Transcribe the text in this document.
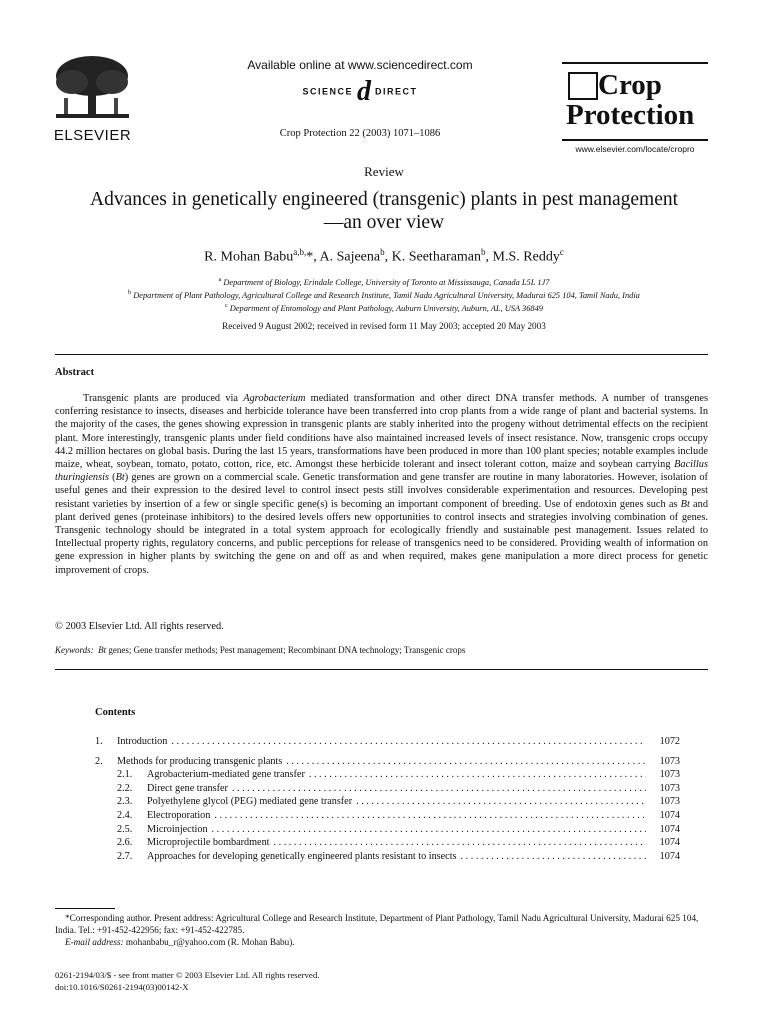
ELSEVIER
Available online at www.sciencedirect.com
SCIENCE d DIRECT
Crop Protection 22 (2003) 1071–1086
Crop
Protection
www.elsevier.com/locate/cropro
Review
Advances in genetically engineered (transgenic) plants in pest management—an over view
R. Mohan Babu$^{a,b,}$*, A. Sajeena$^b$, K. Seetharaman$^b$, M.S. Reddy$^c$
$^a$ Department of Biology, Erindale College, University of Toronto at Mississauga, Canada L5L 1J7
$^b$ Department of Plant Pathology, Agricultural College and Research Institute, Tamil Nadu Agricultural University, Madurai 625 104, Tamil Nadu, India
$^c$ Department of Entomology and Plant Pathology, Auburn University, Auburn, AL, USA 36849
Received 9 August 2002; received in revised form 11 May 2003; accepted 20 May 2003
Abstract

Transgenic plants are produced via Agrobacterium mediated transformation and other direct DNA transfer methods. A number of transgenes conferring resistance to insects, diseases and herbicide tolerance have been transferred into crop plants from a wide range of plant and bacterial systems. In the majority of the cases, the genes showing expression in transgenic plants are stably inherited into the progeny without detrimental effects on the recipient plant. More interestingly, transgenic plants under field conditions have also maintained increased levels of insect resistance. Now, transgenic crops occupy 44.2 million hectares on global basis. During the last 15 years, transformations have been produced in more than 100 plant species; notable examples include maize, wheat, soybean, tomato, potato, cotton, rice, etc. Amongst these herbicide tolerant and insect tolerant cotton, maize and soybean carrying Bacillus thuringiensis (Bt) genes are grown on a commercial scale. Genetic transformation and gene transfer are routine in many laboratories. However, isolation of useful genes and their expression to the desired level to control insect pests still involves considerable experimentation and resources. Developing pest resistant varieties by insertion of a few or single specific gene(s) is becoming an important component of breeding. Use of endotoxin genes such as Bt and plant derived genes (proteinase inhibitors) to the desired levels offers new opportunities to control insects and strategies involving combination of genes. Transgenic technology should be integrated in a total system approach for ecologically friendly and sustainable pest management. Issues related to Intellectual property rights, regulatory concerns, and public perceptions for release of transgenics need to be considered. Providing wealth of information on gene expression in higher plants by switching the gene on and off as and when required, makes gene manipulation a more direct process for genetic improvement of crops.

© 2003 Elsevier Ltd. All rights reserved.
Keywords: Bt genes; Gene transfer methods; Pest management; Recombinant DNA technology; Transgenic crops
Contents
1.	Introduction . . .	1072
2.	Methods for producing transgenic plants . . .	1073
2.1.	Agrobacterium-mediated gene transfer . . .	1073
2.2.	Direct gene transfer . . .	1073
2.3.	Polyethylene glycol (PEG) mediated gene transfer . . .	1073
2.4.	Electroporation . . .	1074
2.5.	Microinjection . . .	1074
2.6.	Microprojectile bombardment . . .	1074
2.7.	Approaches for developing genetically engineered plants resistant to insects . . .	1074

*Corresponding author. Present address: Agricultural College and Research Institute, Department of Plant Pathology, Tamil Nadu Agricultural University, Madurai 625 104, India. Tel.: +91-452-422956; fax: +91-452-422785.

E-mail address: mohanbabu_r@yahoo.com (R. Mohan Babu).

0261-2194/03/$ - see front matter © 2003 Elsevier Ltd. All rights reserved.
doi:10.1016/S0261-2194(03)00142-X
